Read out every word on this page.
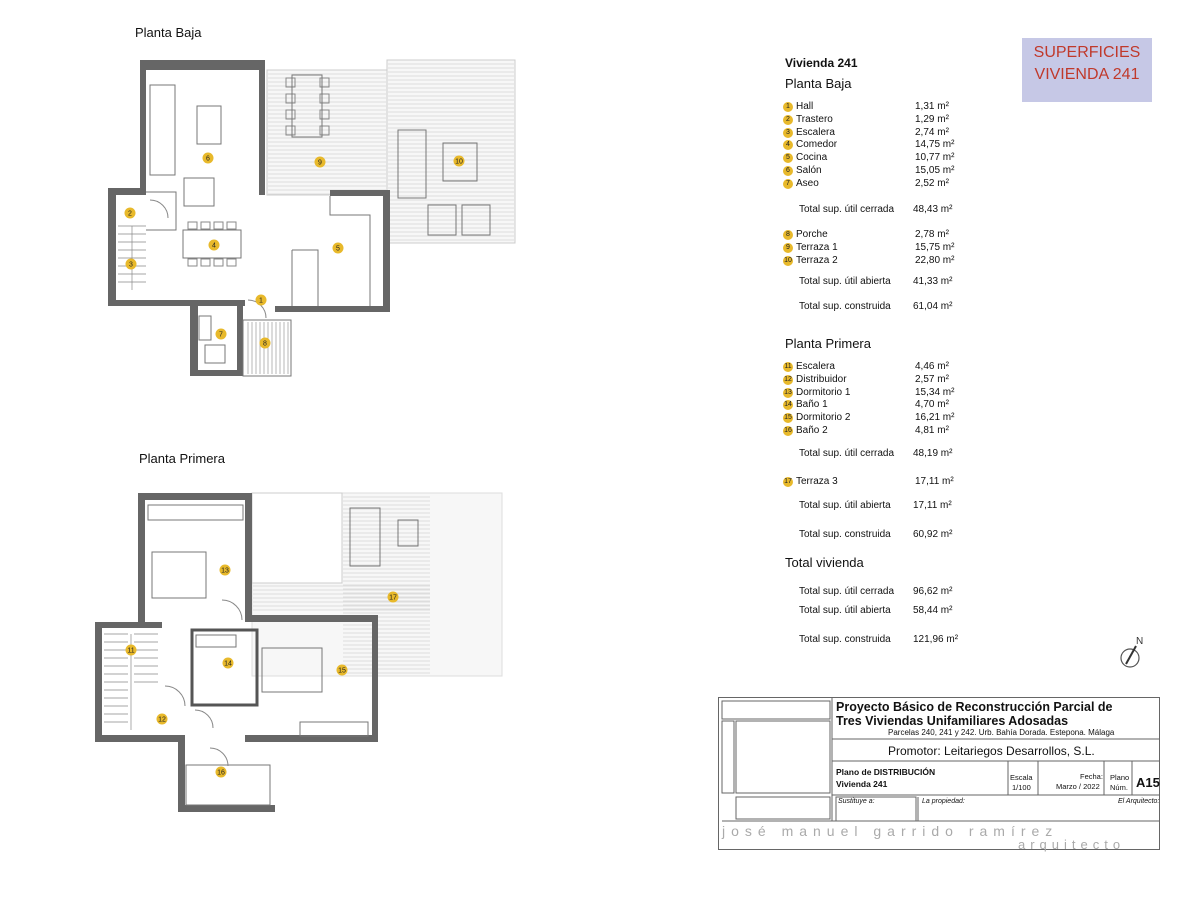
Planta Baja
Planta Primera
1
2
3
4	5
6
7
8
9	10
11
12
13
14
15
16
17
SUPERFICIES
VIVIENDA 241
Vivienda 241
Planta Baja
1 Hall	1,31 m²
2 Trastero	1,29 m²
3 Escalera	2,74 m²
4 Comedor	14,75 m²
5 Cocina	10,77 m²
6 Salón	15,05 m²
7 Aseo	2,52 m²
Total sup. útil cerrada 48,43 m²
8 Porche	2,78 m²
9 Terraza 1	15,75 m²
10 Terraza 2	22,80 m²
Total sup. útil abierta 41,33 m²
Total sup. construida 61,04 m²
Planta Primera
11 Escalera	4,46 m²
12 Distribuidor	2,57 m²
13 Dormitorio 1	15,34 m²
14 Baño 1	4,70 m²
15 Dormitorio 2	16,21 m²
16 Baño 2	4,81 m²
Total sup. útil cerrada 48,19 m²
17 Terraza 3	17,11 m²
Total sup. útil abierta 17,11 m²
Total sup. construida 60,92 m²
Total vivienda
Total sup. útil cerrada 96,62 m²
Total sup. útil abierta 58,44 m²
Total sup. construida 121,96 m²	N
Proyecto Básico de Reconstrucción Parcial de
Tres Viviendas Unifamiliares Adosadas
Parcelas 240, 241 y 242. Urb. Bahía Dorada. Estepona. Málaga
Promotor: Leitariegos Desarrollos, S.L.
Plano de DISTRIBUCIÓN
Vivienda 241
Escala
1/100
Fecha:
Marzo / 2022
Plano
Núm. A15
Sustituye a:	La propiedad:	El Arquitecto:
josé manuel garrido ramírez
arquitecto
